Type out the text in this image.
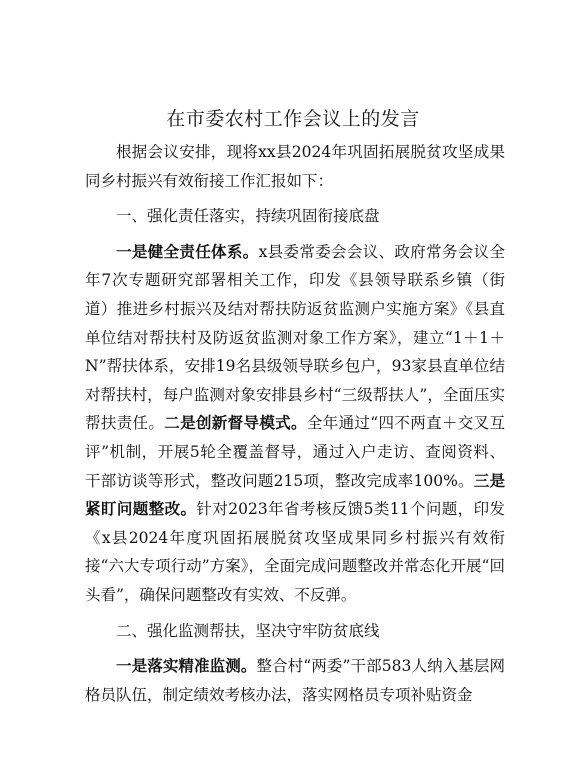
在市委农村工作会议上的发言

根据会议安排，现将xx县2024年巩固拓展脱贫攻坚成果同乡村振兴有效衔接工作汇报如下：

一、强化责任落实，持续巩固衔接底盘

一是健全责任体系。x县委常委会会议、政府常务会议全年7次专题研究部署相关工作，印发《县领导联系乡镇（街道）推进乡村振兴及结对帮扶防返贫监测户实施方案》《县直单位结对帮扶村及防返贫监测对象工作方案》，建立“1＋1＋N”帮扶体系，安排19名县级领导联乡包户，93家县直单位结对帮扶村，每户监测对象安排县乡村“三级帮扶人”，全面压实帮扶责任。二是创新督导模式。全年通过“四不两直＋交叉互评”机制，开展5轮全覆盖督导，通过入户走访、查阅资料、干部访谈等形式，整改问题215项，整改完成率100%。三是紧盯问题整改。针对2023年省考核反馈5类11个问题，印发《x县2024年度巩固拓展脱贫攻坚成果同乡村振兴有效衔接“六大专项行动”方案》，全面完成问题整改并常态化开展“回头看”，确保问题整改有实效、不反弹。

二、强化监测帮扶，坚决守牢防贫底线

一是落实精准监测。整合村“两委”干部583人纳入基层网格员队伍，制定绩效考核办法，落实网格员专项补贴资金
